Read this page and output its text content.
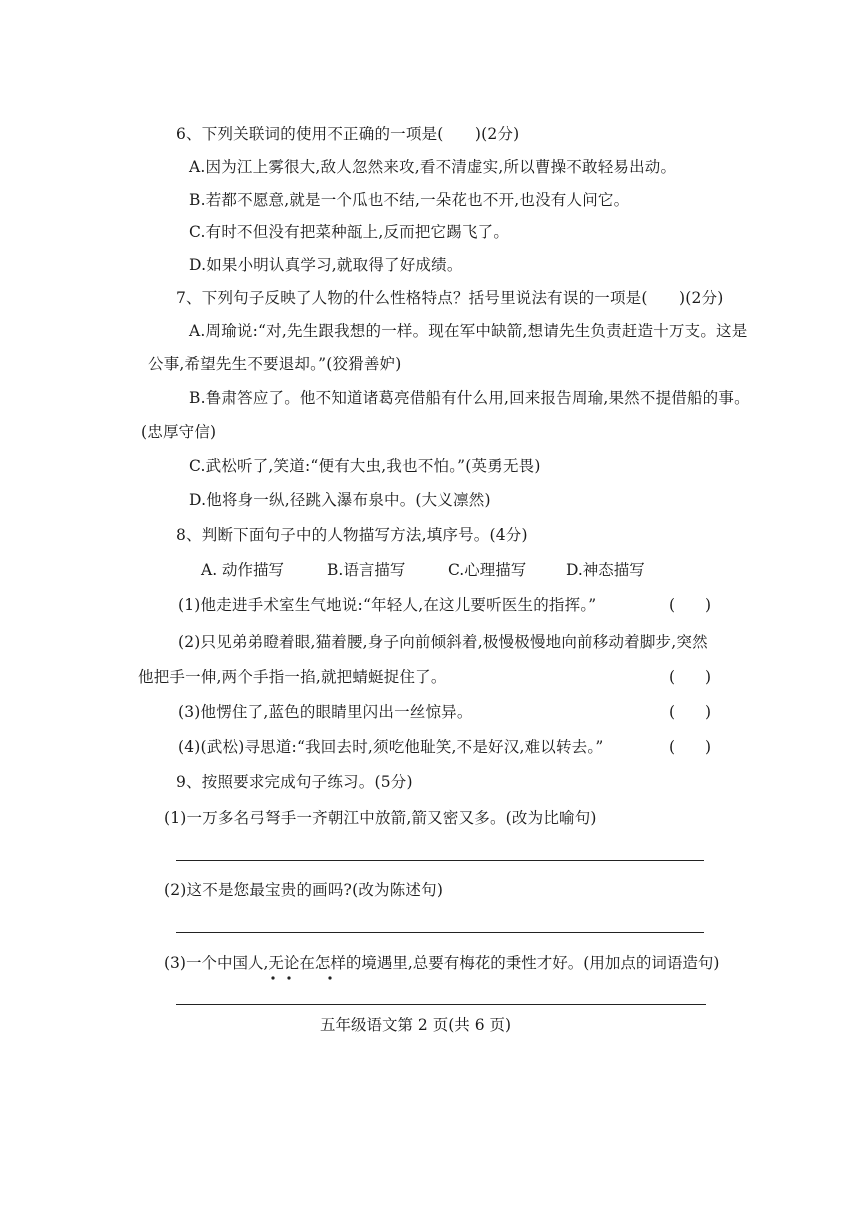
6、下列关联词的使用不正确的一项是(　　)(2分)
A.因为江上雾很大,敌人忽然来攻,看不清虚实,所以曹操不敢轻易出动。
B.若都不愿意,就是一个瓜也不结,一朵花也不开,也没有人问它。
C.有时不但没有把菜种瓿上,反而把它踢飞了。
D.如果小明认真学习,就取得了好成绩。
7、下列句子反映了人物的什么性格特点？括号里说法有误的一项是(　　)(2分)
A.周瑜说:“对,先生跟我想的一样。现在军中缺箭,想请先生负责赶造十万支。这是
公事,希望先生不要退却。”(狡猾善妒)
B.鲁肃答应了。他不知道诸葛亮借船有什么用,回来报告周瑜,果然不提借船的事。
(忠厚守信)
C.武松听了,笑道:“便有大虫,我也不怕。”(英勇无畏)
D.他将身一纵,径跳入瀑布泉中。(大义凛然)
8、判断下面句子中的人物描写方法,填序号。(4分)
A. 动作描写	B.语言描写	C.心理描写	D.神态描写
(1)他走进手术室生气地说:“年轻人,在这儿要听医生的指挥。”	( )
(2)只见弟弟瞪着眼,猫着腰,身子向前倾斜着,极慢极慢地向前移动着脚步,突然
他把手一伸,两个手指一掐,就把蜻蜓捉住了。	( )
(3)他愣住了,蓝色的眼睛里闪出一丝惊异。	( )
(4)(武松)寻思道:“我回去时,须吃他耻笑,不是好汉,难以转去。”	( )
9、按照要求完成句子练习。(5分)
(1)一万多名弓弩手一齐朝江中放箭,箭又密又多。(改为比喻句)
(2)这不是您最宝贵的画吗?(改为陈述句)
(3)一个中国人,无论在怎样的境遇里,总要有梅花的秉性才好。(用加点的词语造句)
五年级语文第 2 页(共 6 页)
